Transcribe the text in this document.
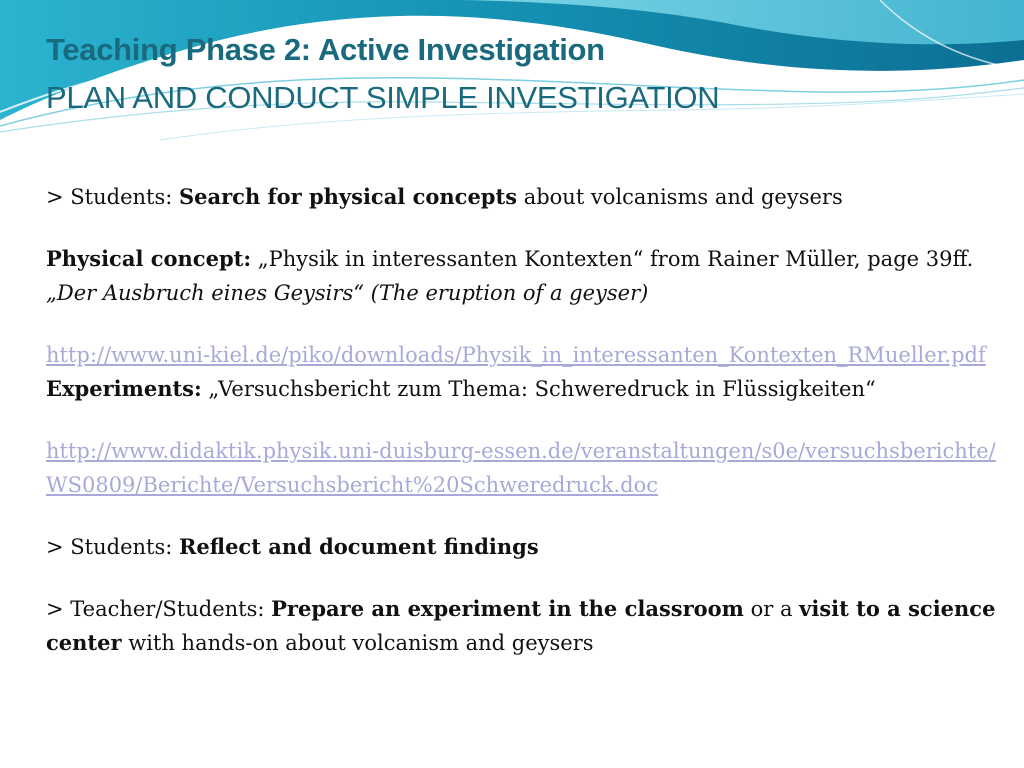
Teaching Phase 2: Active Investigation
PLAN AND CONDUCT SIMPLE INVESTIGATION

> Students: Search for physical concepts about volcanisms and geysers

Physical concept: „Physik in interessanten Kontexten“ from Rainer Müller, page 39ff. „Der Ausbruch eines Geysirs“ (The eruption of a geyser)

http://www.uni-kiel.de/piko/downloads/Physik_in_interessanten_Kontexten_RMueller.pdf

Experiments: „Versuchsbericht zum Thema: Schweredruck in Flüssigkeiten“

http://www.didaktik.physik.uni-duisburg-essen.de/veranstaltungen/s0e/versuchsberichte/WS0809/Berichte/Versuchsbericht%20Schweredruck.doc

> Students: Reflect and document findings

> Teacher/Students: Prepare an experiment in the classroom or a visit to a science center with hands-on about volcanism and geysers
